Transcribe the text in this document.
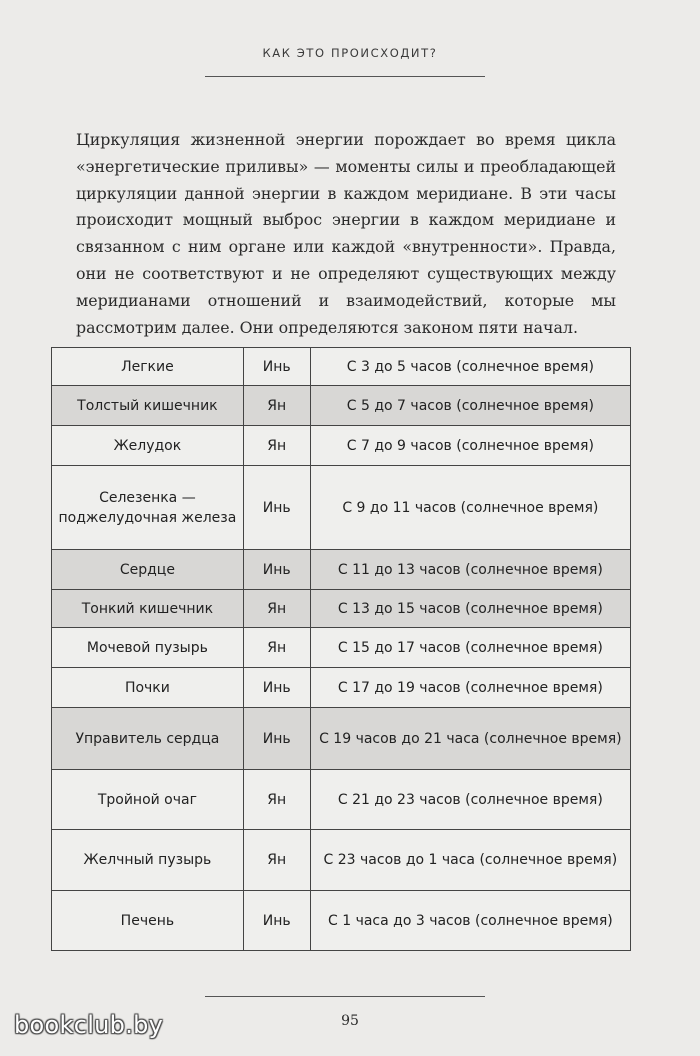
КАК ЭТО ПРОИСХОДИТ?

Циркуляция жизненной энергии порождает во время цикла «энергетические приливы» — моменты силы и преобладающей циркуляции данной энергии в каждом меридиане. В эти часы происходит мощный выброс энергии в каждом меридиане и связанном с ним органе или каждой «внутренности». Правда, они не соответствуют и не определяют существующих между меридианами отношений и взаимодействий, которые мы рассмотрим далее. Они определяются законом пяти начал.

Легкие	Инь	С 3 до 5 часов (солнечное время)
Толстый кишечник	Ян	С 5 до 7 часов (солнечное время)
Желудок	Ян	С 7 до 9 часов (солнечное время)
Селезенка — поджелудочная железа	Инь	С 9 до 11 часов (солнечное время)
Сердце	Инь	С 11 до 13 часов (солнечное время)
Тонкий кишечник	Ян	С 13 до 15 часов (солнечное время)
Мочевой пузырь	Ян	С 15 до 17 часов (солнечное время)
Почки	Инь	С 17 до 19 часов (солнечное время)
Управитель сердца	Инь	С 19 часов до 21 часа (солнечное время)
Тройной очаг	Ян	С 21 до 23 часов (солнечное время)
Желчный пузырь	Ян	С 23 часов до 1 часа (солнечное время)
Печень	Инь	С 1 часа до 3 часов (солнечное время)
95
bookclub.by
